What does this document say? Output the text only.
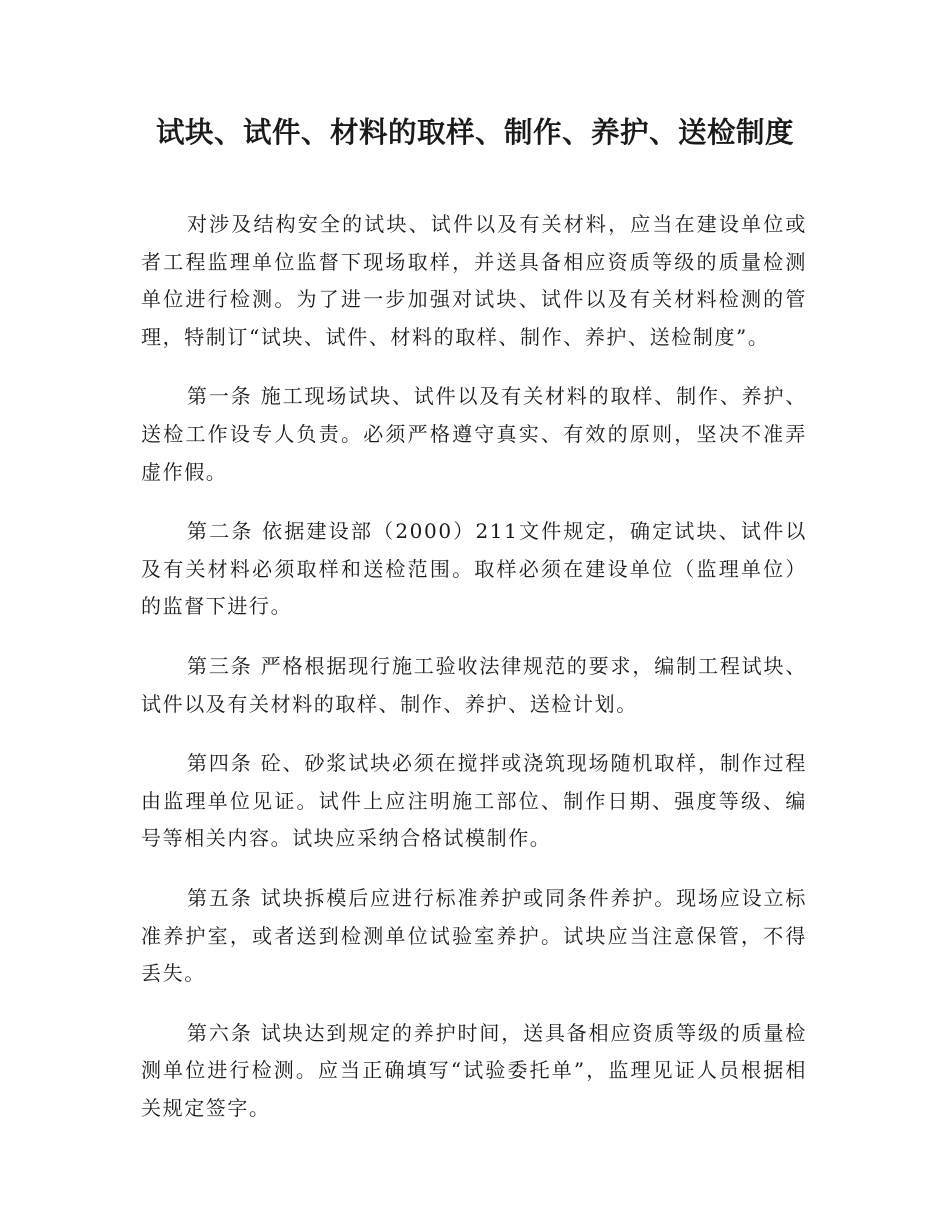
试块、试件、材料的取样、制作、养护、送检制度

对涉及结构安全的试块、试件以及有关材料，应当在建设单位或者工程监理单位监督下现场取样，并送具备相应资质等级的质量检测单位进行检测。为了进一步加强对试块、试件以及有关材料检测的管理，特制订“试块、试件、材料的取样、制作、养护、送检制度”。

第一条 施工现场试块、试件以及有关材料的取样、制作、养护、送检工作设专人负责。必须严格遵守真实、有效的原则，坚决不准弄虚作假。

第二条 依据建设部（2000）211文件规定，确定试块、试件以及有关材料必须取样和送检范围。取样必须在建设单位（监理单位）的监督下进行。

第三条 严格根据现行施工验收法律规范的要求，编制工程试块、试件以及有关材料的取样、制作、养护、送检计划。

第四条 砼、砂浆试块必须在搅拌或浇筑现场随机取样，制作过程由监理单位见证。试件上应注明施工部位、制作日期、强度等级、编号等相关内容。试块应采纳合格试模制作。

第五条 试块拆模后应进行标准养护或同条件养护。现场应设立标准养护室，或者送到检测单位试验室养护。试块应当注意保管，不得丢失。

第六条 试块达到规定的养护时间，送具备相应资质等级的质量检测单位进行检测。应当正确填写“试验委托单”，监理见证人员根据相关规定签字。
